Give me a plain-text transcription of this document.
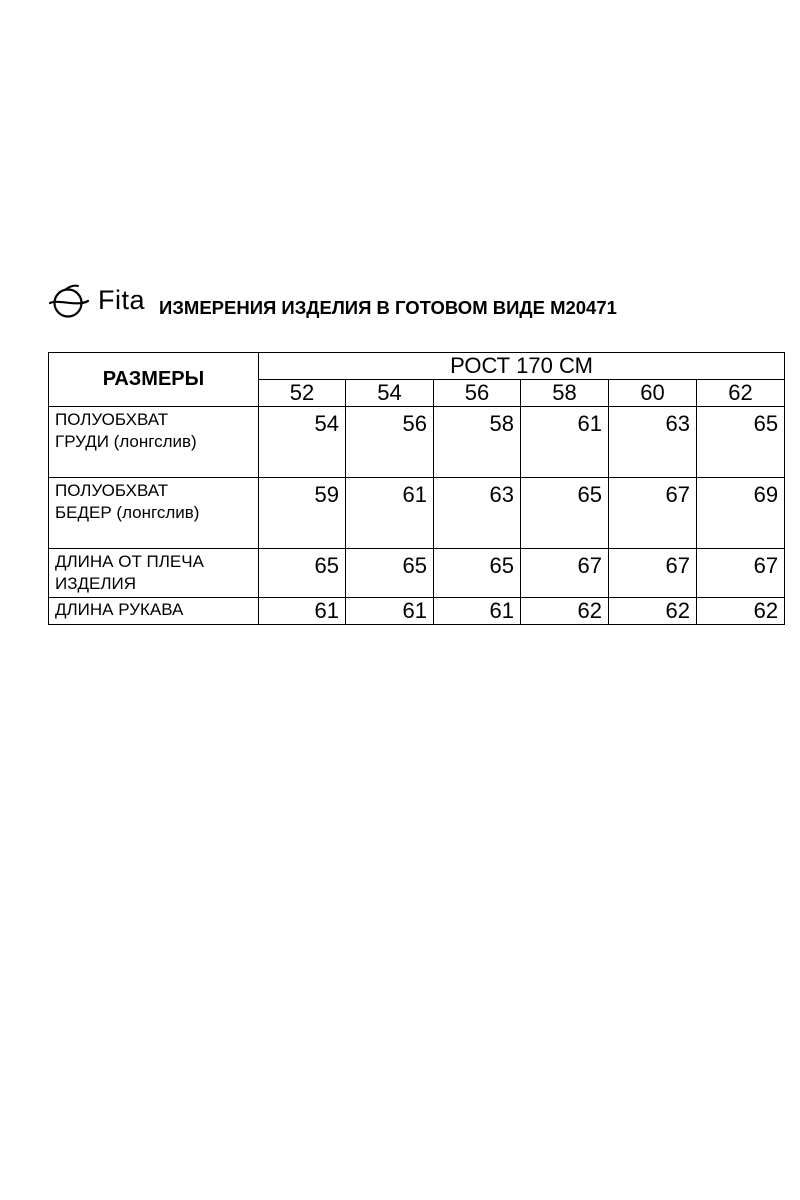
Fita ИЗМЕРЕНИЯ ИЗДЕЛИЯ В ГОТОВОМ ВИДЕ М20471
РАЗМЕРЫ	РОСТ 170 СМ					
	52	54	56	58	60	62

ПОЛУОБХВАТ
ГРУДИ (лонгслив)	54	56	58	61	63	65

ПОЛУОБХВАТ
БЕДЕР (лонгслив)	59	61	63	65	67	69

ДЛИНА ОТ ПЛЕЧА
ИЗДЕЛИЯ	65	65	65	67	67	67

ДЛИНА РУКАВА	61	61	61	62	62	62
